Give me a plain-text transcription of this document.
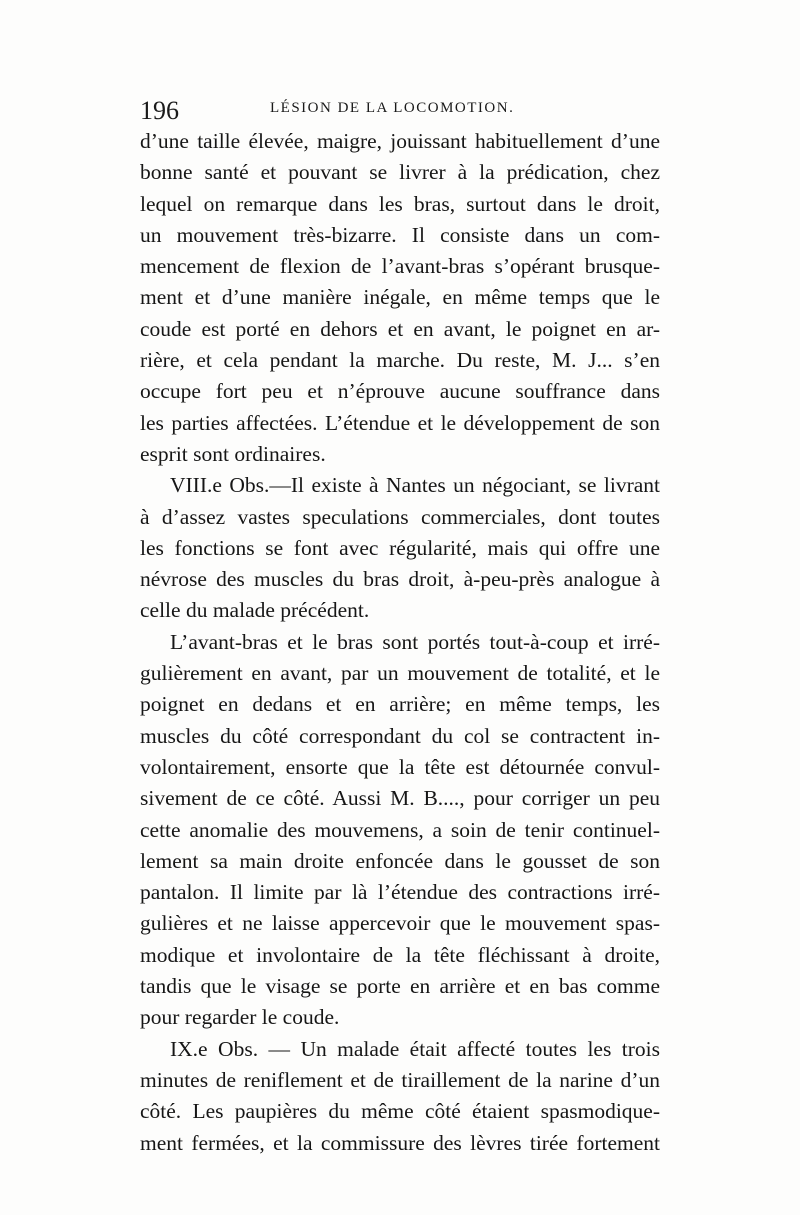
196	LÉSION DE LA LOCOMOTION.
d’une taille élevée, maigre, jouissant habituellement d’une
bonne santé et pouvant se livrer à la prédication, chez
lequel on remarque dans les bras, surtout dans le droit,
un mouvement très-bizarre. Il consiste dans un com-
mencement de flexion de l’avant-bras s’opérant brusque-
ment et d’une manière inégale, en même temps que le
coude est porté en dehors et en avant, le poignet en ar-
rière, et cela pendant la marche. Du reste, M. J... s’en
occupe fort peu et n’éprouve aucune souffrance dans
les parties affectées. L’étendue et le développement de son
esprit sont ordinaires.
VIII.e Obs.—Il existe à Nantes un négociant, se livrant
à d’assez vastes speculations commerciales, dont toutes
les fonctions se font avec régularité, mais qui offre une
névrose des muscles du bras droit, à-peu-près analogue à
celle du malade précédent.
L’avant-bras et le bras sont portés tout-à-coup et irré-
gulièrement en avant, par un mouvement de totalité, et le
poignet en dedans et en arrière; en même temps, les
muscles du côté correspondant du col se contractent in-
volontairement, ensorte que la tête est détournée convul-
sivement de ce côté. Aussi M. B...., pour corriger un peu
cette anomalie des mouvemens, a soin de tenir continuel-
lement sa main droite enfoncée dans le gousset de son
pantalon. Il limite par là l’étendue des contractions irré-
gulières et ne laisse appercevoir que le mouvement spas-
modique et involontaire de la tête fléchissant à droite,
tandis que le visage se porte en arrière et en bas comme
pour regarder le coude.
IX.e Obs. — Un malade était affecté toutes les trois
minutes de reniflement et de tiraillement de la narine d’un
côté. Les paupières du même côté étaient spasmodique-
ment fermées, et la commissure des lèvres tirée fortement
